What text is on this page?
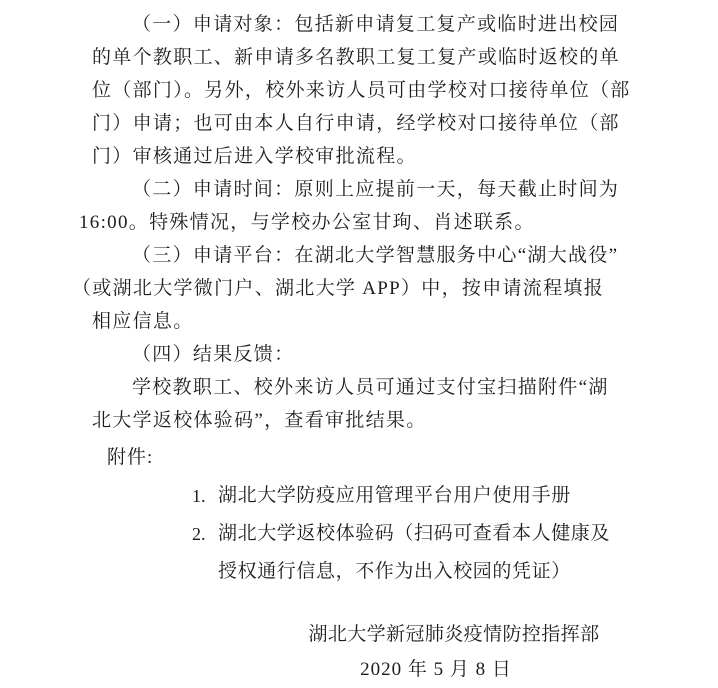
（一）申请对象：包括新申请复工复产或临时进出校园
的单个教职工、新申请多名教职工复工复产或临时返校的单
位（部门）。另外，校外来访人员可由学校对口接待单位（部
门）申请；也可由本人自行申请，经学校对口接待单位（部
门）审核通过后进入学校审批流程。
（二）申请时间：原则上应提前一天，每天截止时间为
16:00。特殊情况，与学校办公室甘珣、肖述联系。
（三）申请平台：在湖北大学智慧服务中心“湖大战役”
（或湖北大学微门户、湖北大学 APP）中，按申请流程填报
相应信息。
（四）结果反馈：
学校教职工、校外来访人员可通过支付宝扫描附件“湖
北大学返校体验码”，查看审批结果。
附件:
1. 湖北大学防疫应用管理平台用户使用手册
2. 湖北大学返校体验码（扫码可查看本人健康及
授权通行信息，不作为出入校园的凭证）
湖北大学新冠肺炎疫情防控指挥部
2020 年 5 月 8 日
